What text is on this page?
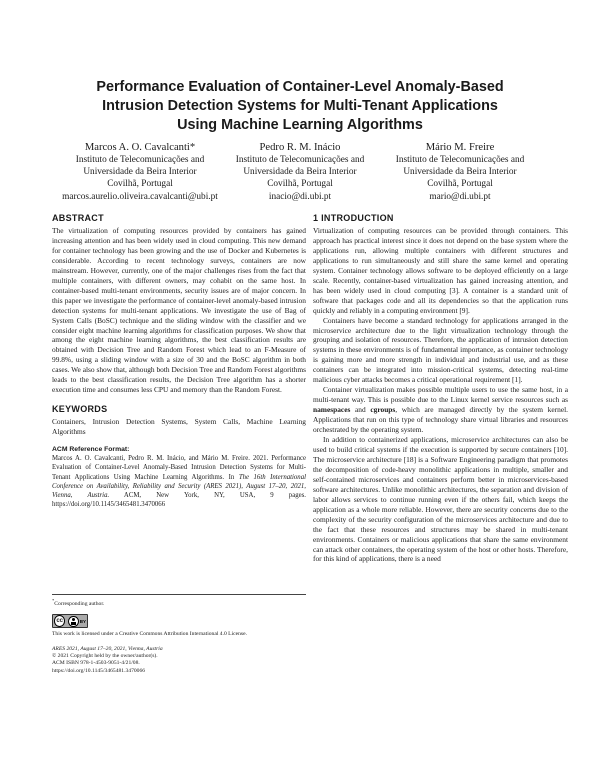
Performance Evaluation of Container-Level Anomaly-Based
Intrusion Detection Systems for Multi-Tenant Applications
Using Machine Learning Algorithms
Marcos A. O. Cavalcanti*
Instituto de Telecomunicações and
Universidade da Beira Interior
Covilhã, Portugal
marcos.aurelio.oliveira.cavalcanti@ubi.pt
Pedro R. M. Inácio
Instituto de Telecomunicações and
Universidade da Beira Interior
Covilhã, Portugal
inacio@di.ubi.pt
Mário M. Freire
Instituto de Telecomunicações and
Universidade da Beira Interior
Covilhã, Portugal
mario@di.ubi.pt
ABSTRACT

The virtualization of computing resources provided by containers has gained increasing attention and has been widely used in cloud computing. This new demand for container technology has been growing and the use of Docker and Kubernetes is considerable. According to recent technology surveys, containers are now mainstream. However, currently, one of the major challenges rises from the fact that multiple containers, with different owners, may cohabit on the same host. In container-based multi-tenant environments, security issues are of major concern. In this paper we investigate the performance of container-level anomaly-based intrusion detection systems for multi-tenant applications. We investigate the use of Bag of System Calls (BoSC) technique and the sliding window with the classifier and we consider eight machine learning algorithms for classification purposes. We show that among the eight machine learning algorithms, the best classification results are obtained with Decision Tree and Random Forest which lead to an F-Measure of 99.8%, using a sliding window with a size of 30 and the BoSC algorithm in both cases. We also show that, although both Decision Tree and Random Forest algorithms leads to the best classification results, the Decision Tree algorithm has a shorter execution time and consumes less CPU and memory than the Random Forest.

KEYWORDS

Containers, Intrusion Detection Systems, System Calls, Machine Learning Algorithms

ACM Reference Format:
Marcos A. O. Cavalcanti, Pedro R. M. Inácio, and Mário M. Freire. 2021. Performance Evaluation of Container-Level Anomaly-Based Intrusion Detection Systems for Multi-Tenant Applications Using Machine Learning Algorithms. In The 16th International Conference on Availability, Reliability and Security (ARES 2021), August 17–20, 2021, Vienna, Austria. ACM, New York, NY, USA, 9 pages. https://doi.org/10.1145/3465481.3470066
*Corresponding author.
cc	BY
This work is licensed under a Creative Commons Attribution International 4.0 License.
ARES 2021, August 17–20, 2021, Vienna, Austria
© 2021 Copyright held by the owner/author(s).
ACM ISBN 978-1-4503-9051-4/21/08.
https://doi.org/10.1145/3465481.3470066
1 INTRODUCTION

Virtualization of computing resources can be provided through containers. This approach has practical interest since it does not depend on the base system where the applications run, allowing multiple containers with different structures and applications to run simultaneously and still share the same kernel and operating system. Container technology allows software to be deployed efficiently on a large scale. Recently, container-based virtualization has gained increasing attention, and has been widely used in cloud computing [3]. A container is a standard unit of software that packages code and all its dependencies so that the application runs quickly and reliably in a computing environment [9].

Containers have become a standard technology for applications arranged in the microservice architecture due to the light virtualization technology through the grouping and isolation of resources. Therefore, the application of intrusion detection systems in these environments is of fundamental importance, as container technology is gaining more and more strength in individual and industrial use, and as these containers can be integrated into mission-critical systems, detecting real-time malicious cyber attacks becomes a critical operational requirement [1].

Container virtualization makes possible multiple users to use the same host, in a multi-tenant way. This is possible due to the Linux kernel service resources such as namespaces and cgroups, which are managed directly by the system kernel. Applications that run on this type of technology share virtual libraries and resources orchestrated by the operating system.

In addition to containerized applications, microservice architectures can also be used to build critical systems if the execution is supported by secure containers [10]. The microservice architecture [18] is a Software Engineering paradigm that promotes the decomposition of code-heavy monolithic applications in multiple, smaller and self-contained microservices and containers perform better in microservices-based software architectures. Unlike monolithic architectures, the separation and division of labor allows services to continue running even if the others fail, which keeps the application as a whole more reliable. However, there are security concerns due to the complexity of the security configuration of the microservices architecture and due to the fact that these resources and structures may be shared in multi-tenant environments. Containers or malicious applications that share the same environment can attack other containers, the operating system of the host or other hosts. Therefore, for this kind of applications, there is a need
